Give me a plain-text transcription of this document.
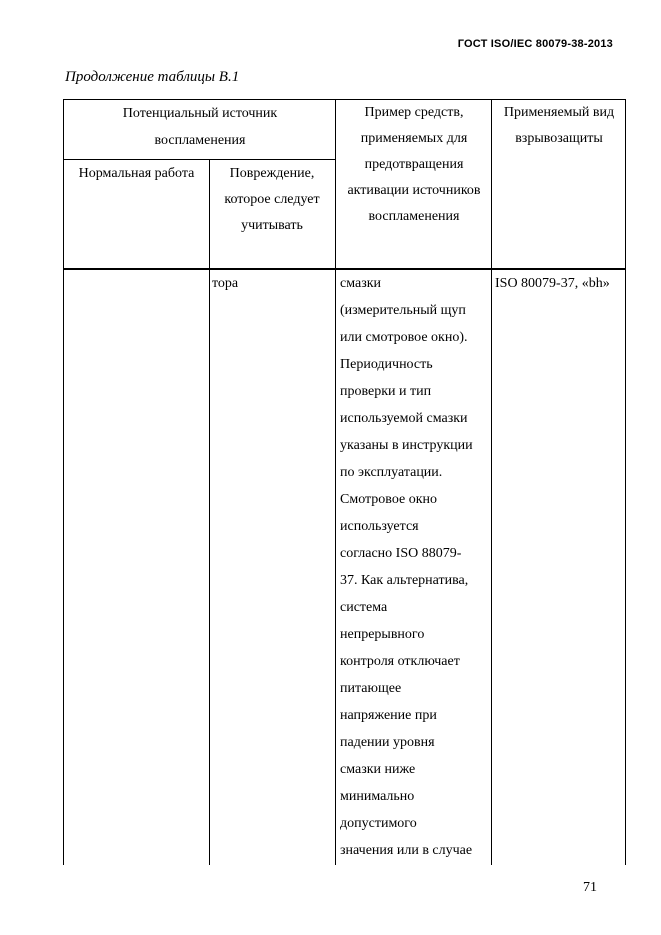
ГОСТ ISO/IEC 80079-38-2013
Продолжение таблицы В.1
Потенциальный источник воспламенения
Нормальная работа	Повреждение, которое следует учитывать
Пример средств, применяемых для предотвращения активации источников воспламенения
Применяемый вид взрывозащиты
тора	смазки
(измерительный щуп
или смотровое окно).
Периодичность
проверки и тип
используемой смазки
указаны в инструкции
по эксплуатации.
Смотровое окно
используется
согласно ISO 88079-
37. Как альтернатива,
система
непрерывного
контроля отключает
питающее
напряжение при
падении уровня
смазки ниже
минимально
допустимого
значения или в случае
ISO 80079-37, «bh»
71
